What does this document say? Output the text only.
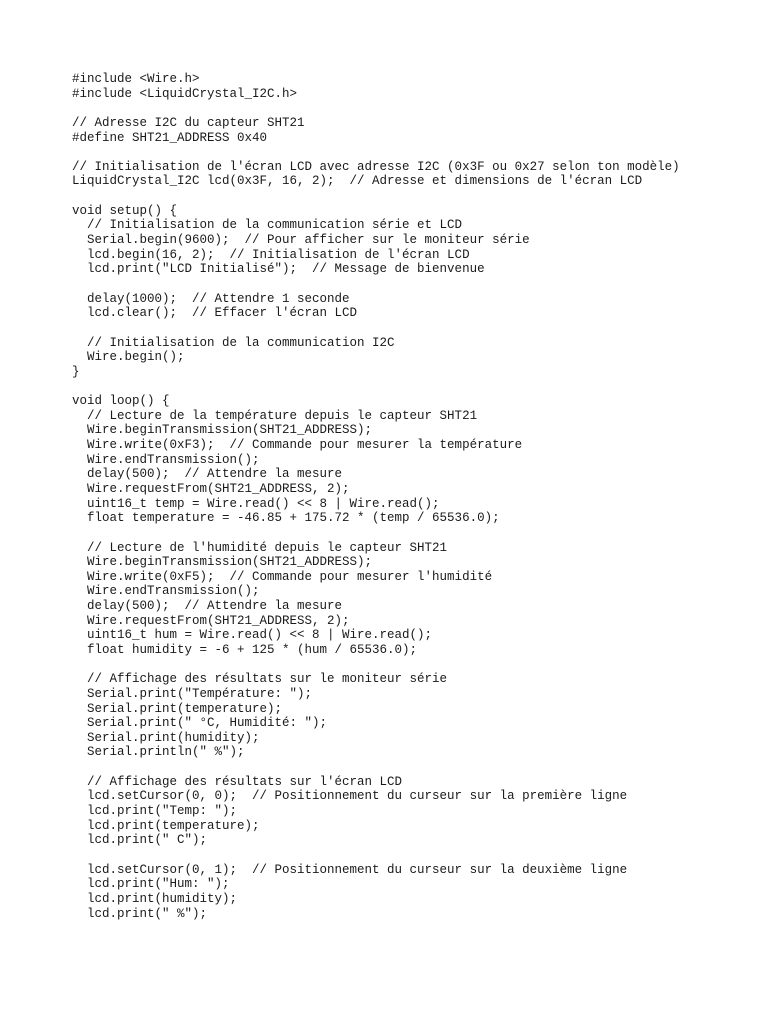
#include <Wire.h>
#include <LiquidCrystal_I2C.h>
// Adresse I2C du capteur SHT21
#define SHT21_ADDRESS 0x40
// Initialisation de l'écran LCD avec adresse I2C (0x3F ou 0x27 selon ton modèle)
LiquidCrystal_I2C lcd(0x3F, 16, 2);  // Adresse et dimensions de l'écran LCD
void setup() {
// Initialisation de la communication série et LCD
Serial.begin(9600);  // Pour afficher sur le moniteur série
lcd.begin(16, 2);  // Initialisation de l'écran LCD
lcd.print("LCD Initialisé");  // Message de bienvenue
delay(1000);  // Attendre 1 seconde
lcd.clear();  // Effacer l'écran LCD
// Initialisation de la communication I2C
Wire.begin();
}
void loop() {
// Lecture de la température depuis le capteur SHT21
Wire.beginTransmission(SHT21_ADDRESS);
Wire.write(0xF3);  // Commande pour mesurer la température
Wire.endTransmission();
delay(500);  // Attendre la mesure
Wire.requestFrom(SHT21_ADDRESS, 2);
uint16_t temp = Wire.read() << 8 | Wire.read();
float temperature = -46.85 + 175.72 * (temp / 65536.0);
// Lecture de l'humidité depuis le capteur SHT21
Wire.beginTransmission(SHT21_ADDRESS);
Wire.write(0xF5);  // Commande pour mesurer l'humidité
Wire.endTransmission();
delay(500);  // Attendre la mesure
Wire.requestFrom(SHT21_ADDRESS, 2);
uint16_t hum = Wire.read() << 8 | Wire.read();
float humidity = -6 + 125 * (hum / 65536.0);
// Affichage des résultats sur le moniteur série
Serial.print("Température: ");
Serial.print(temperature);
Serial.print(" °C, Humidité: ");
Serial.print(humidity);
Serial.println(" %");
// Affichage des résultats sur l'écran LCD
lcd.setCursor(0, 0);  // Positionnement du curseur sur la première ligne
lcd.print("Temp: ");
lcd.print(temperature);
lcd.print(" C");
lcd.setCursor(0, 1);  // Positionnement du curseur sur la deuxième ligne
lcd.print("Hum: ");
lcd.print(humidity);
lcd.print(" %");
